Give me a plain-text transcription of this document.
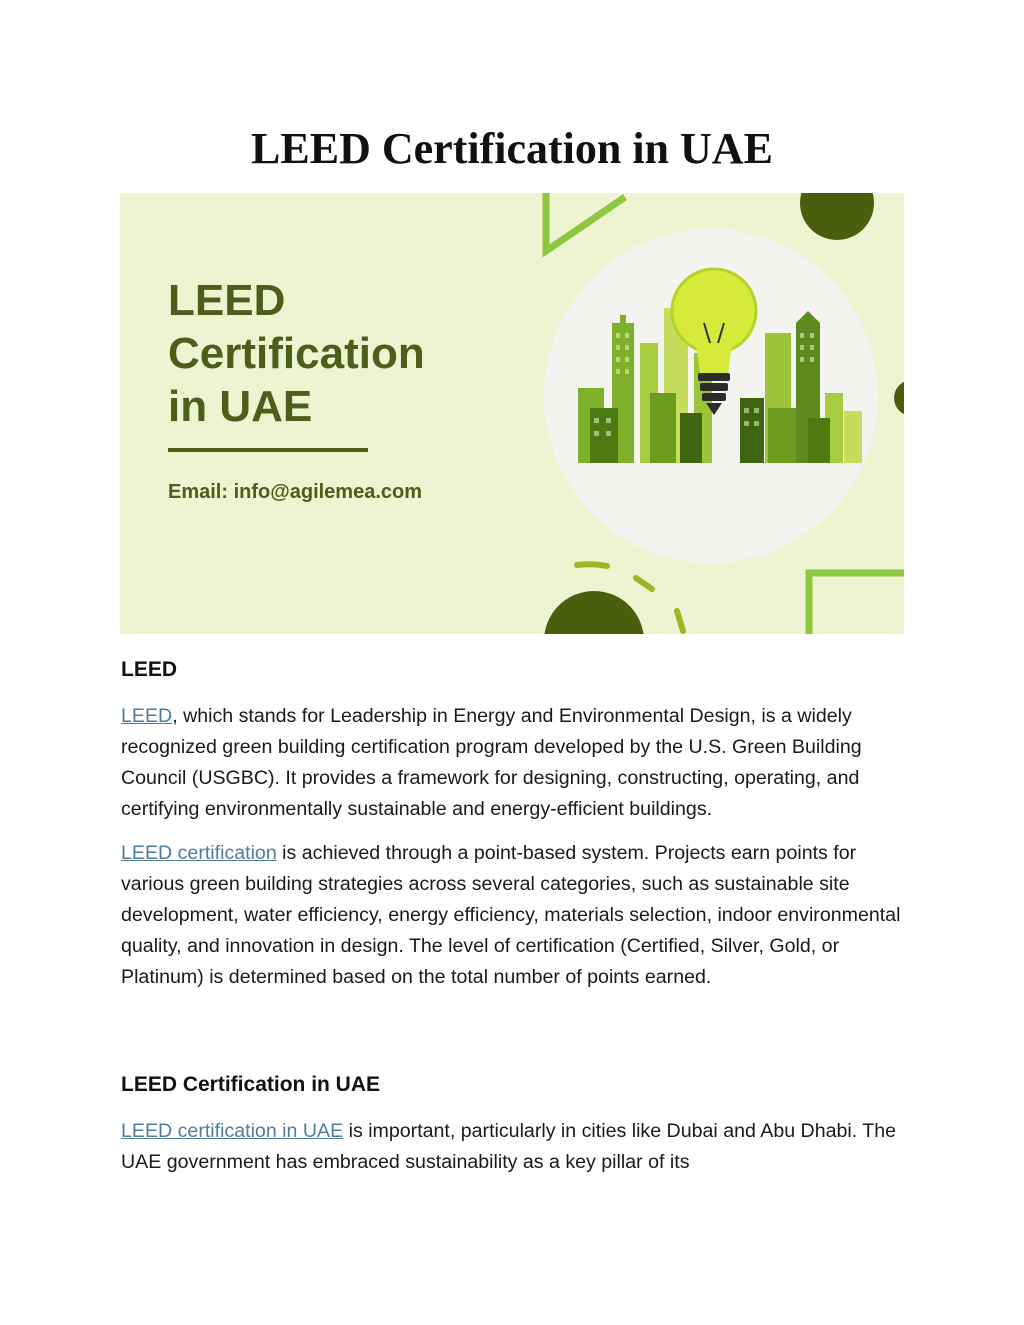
LEED Certification in UAE
LEED
Certification
in UAE
Email: info@agilemea.com
LEED

LEED, which stands for Leadership in Energy and Environmental Design, is a widely recognized green building certification program developed by the U.S. Green Building Council (USGBC). It provides a framework for designing, constructing, operating, and certifying environmentally sustainable and energy-efficient buildings.

LEED certification is achieved through a point-based system. Projects earn points for various green building strategies across several categories, such as sustainable site development, water efficiency, energy efficiency, materials selection, indoor environmental quality, and innovation in design. The level of certification (Certified, Silver, Gold, or Platinum) is determined based on the total number of points earned.

LEED Certification in UAE

LEED certification in UAE is important, particularly in cities like Dubai and Abu Dhabi. The UAE government has embraced sustainability as a key pillar of its
